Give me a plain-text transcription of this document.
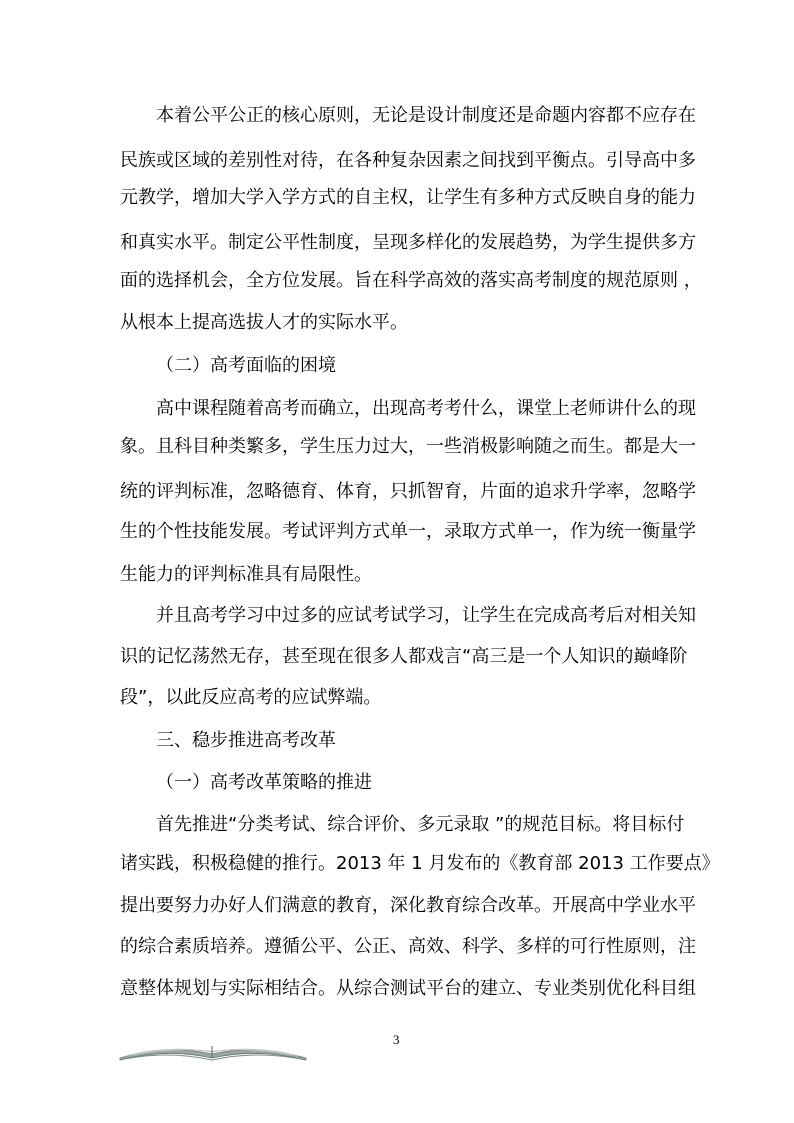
本着公平公正的核心原则，无论是设计制度还是命题内容都不应存在
民族或区域的差别性对待，在各种复杂因素之间找到平衡点。引导高中多
元教学，增加大学入学方式的自主权，让学生有多种方式反映自身的能力
和真实水平。制定公平性制度，呈现多样化的发展趋势，为学生提供多方
面的选择机会，全方位发展。旨在科学高效的落实高考制度的规范原则 ，
从根本上提高选拔人才的实际水平。
（二）高考面临的困境
高中课程随着高考而确立，出现高考考什么，课堂上老师讲什么的现
象。且科目种类繁多，学生压力过大，一些消极影响随之而生。都是大一
统的评判标准，忽略德育、体育，只抓智育，片面的追求升学率，忽略学
生的个性技能发展。考试评判方式单一，录取方式单一，作为统一衡量学
生能力的评判标准具有局限性。
并且高考学习中过多的应试考试学习，让学生在完成高考后对相关知
识的记忆荡然无存，甚至现在很多人都戏言“高三是一个人知识的巅峰阶
段”，以此反应高考的应试弊端。
三、稳步推进高考改革
（一）高考改革策略的推进
首先推进“分类考试、综合评价、多元录取 ”的规范目标。将目标付
诸实践，积极稳健的推行。2013 年 1 月发布的《教育部 2013 工作要点》
提出要努力办好人们满意的教育，深化教育综合改革。开展高中学业水平
的综合素质培养。遵循公平、公正、高效、科学、多样的可行性原则，注
意整体规划与实际相结合。从综合测试平台的建立、专业类别优化科目组
3
